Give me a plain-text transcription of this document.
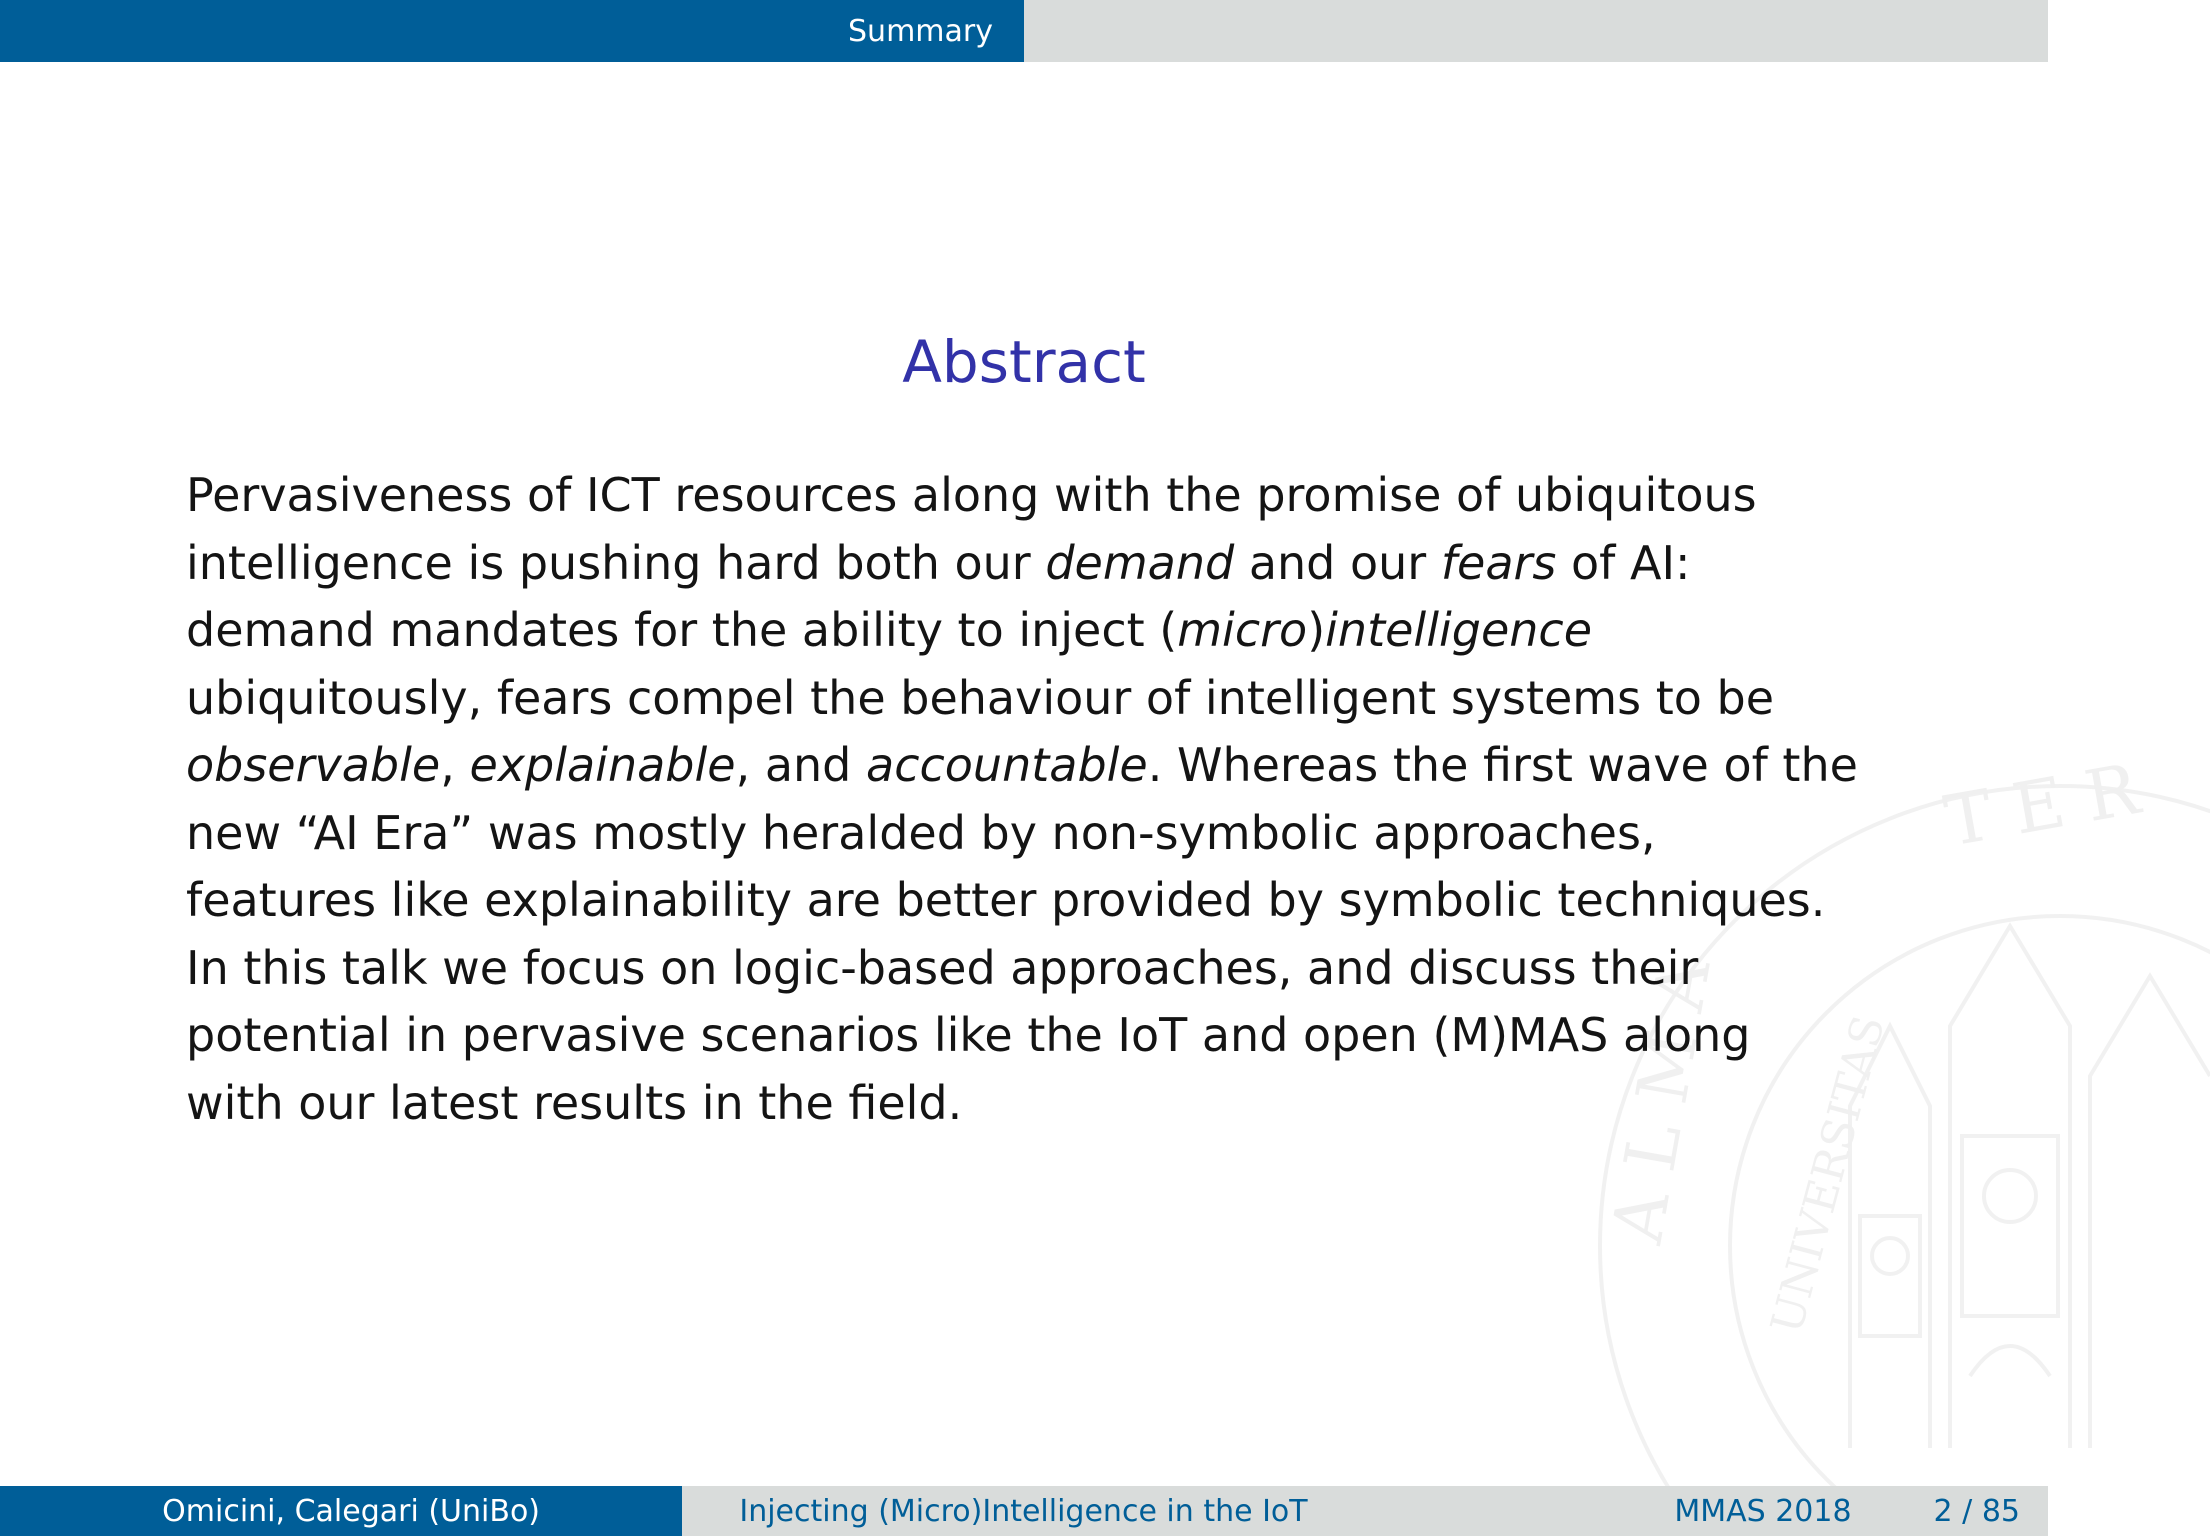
Summary
A L M A
T E R
UNIVERSITAS
Abstract
Pervasiveness of ICT resources along with the promise of ubiquitous
intelligence is pushing hard both our demand and our fears of AI:
demand mandates for the ability to inject (micro)intelligence
ubiquitously, fears compel the behaviour of intelligent systems to be
observable, explainable, and accountable. Whereas the first wave of the
new “AI Era” was mostly heralded by non-symbolic approaches,
features like explainability are better provided by symbolic techniques.
In this talk we focus on logic-based approaches, and discuss their
potential in pervasive scenarios like the IoT and open (M)MAS along
with our latest results in the field.
Omicini, Calegari (UniBo)	Injecting (Micro)Intelligence in the IoT	MMAS 2018	2 / 85
